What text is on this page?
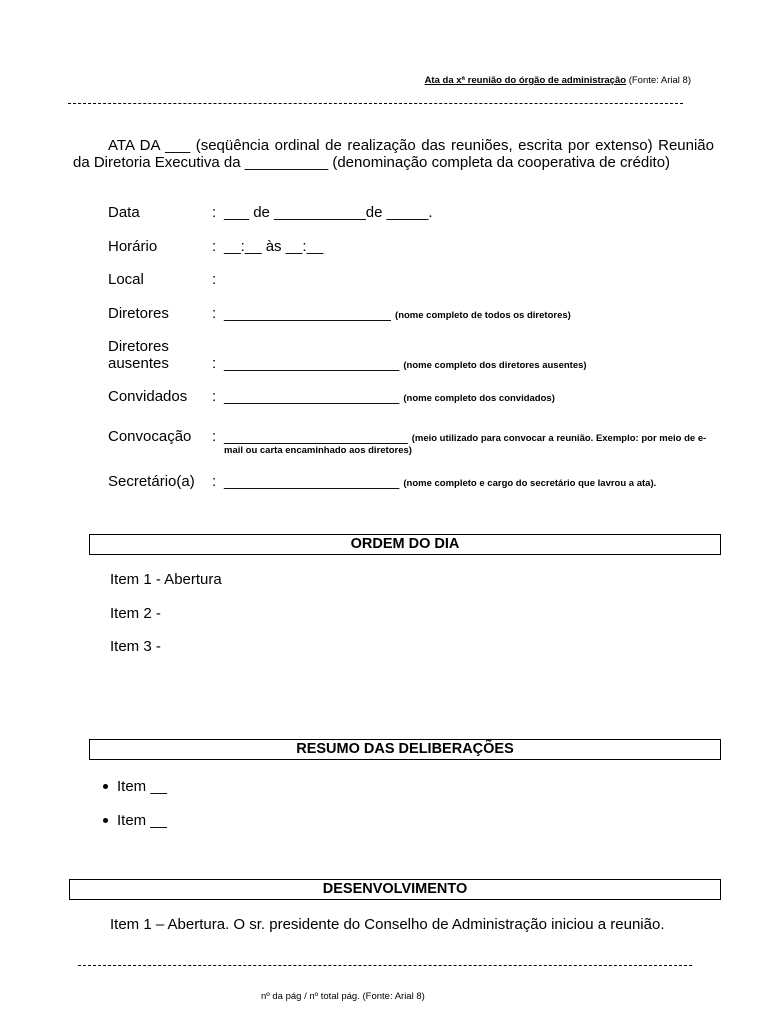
Ata da xª reunião do órgão de administração (Fonte: Arial 8)
ATA DA ___ (seqüência ordinal de realização das reuniões, escrita por extenso) Reunião da Diretoria Executiva da __________ (denominação completa da cooperativa de crédito)
Data	: ___ de ___________de _____.
Horário	: __:__ às __:__
Local	:
Diretores	: ____________________ (nome completo de todos os diretores)
Diretores
ausentes	: _____________________ (nome completo dos diretores ausentes)
Convidados : _____________________ (nome completo dos convidados)
Convocação : ______________________ (meio utilizado para convocar a reunião. Exemplo: por meio de e-
mail ou carta encaminhado aos diretores)
Secretário(a) : _____________________ (nome completo e cargo do secretário que lavrou a ata).
ORDEM DO DIA
Item 1 - Abertura
Item 2 -
Item 3 -
RESUMO DAS DELIBERAÇÕES
Item __
Item __
DESENVOLVIMENTO
Item 1 – Abertura. O sr. presidente do Conselho de Administração iniciou a reunião.
nº da pág / nº total pág. (Fonte: Arial 8)
